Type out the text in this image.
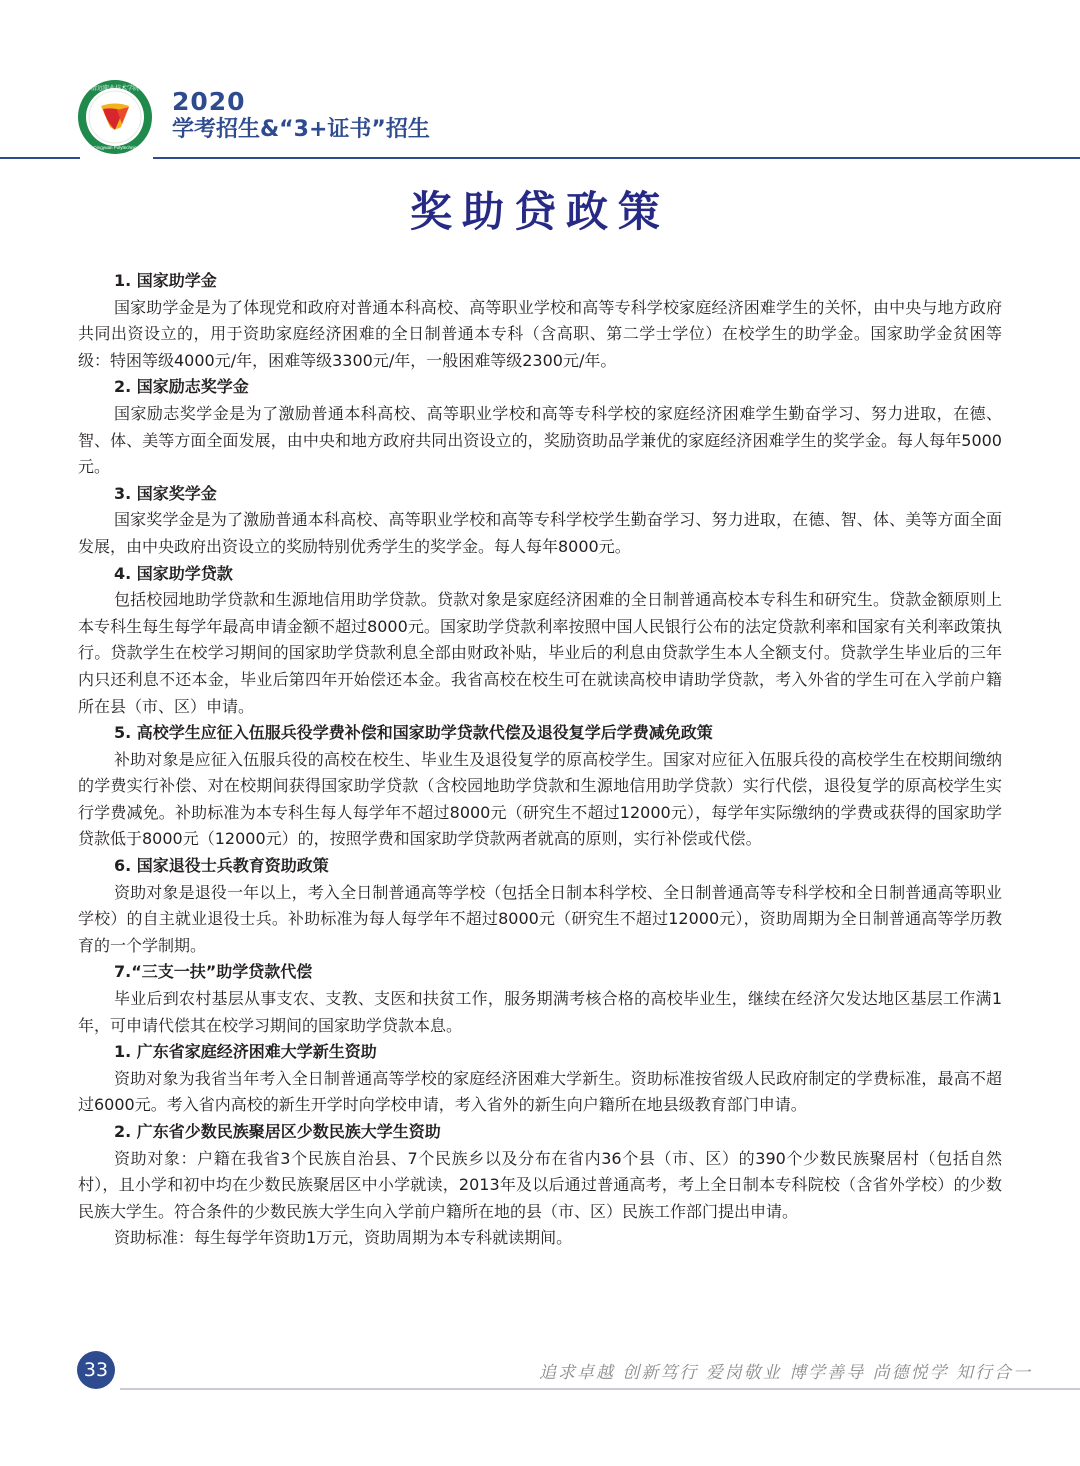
清远职业技术学院
Qingyuan Polytechnic
2020
学考招生&“3+证书”招生
奖助贷政策

1. 国家助学金

国家助学金是为了体现党和政府对普通本科高校、高等职业学校和高等专科学校家庭经济困难学生的关怀，由中央与地方政府共同出资设立的，用于资助家庭经济困难的全日制普通本专科（含高职、第二学士学位）在校学生的助学金。国家助学金贫困等级：特困等级4000元/年，困难等级3300元/年，一般困难等级2300元/年。

2. 国家励志奖学金

国家励志奖学金是为了激励普通本科高校、高等职业学校和高等专科学校的家庭经济困难学生勤奋学习、努力进取，在德、智、体、美等方面全面发展，由中央和地方政府共同出资设立的，奖励资助品学兼优的家庭经济困难学生的奖学金。每人每年5000元。

3. 国家奖学金

国家奖学金是为了激励普通本科高校、高等职业学校和高等专科学校学生勤奋学习、努力进取，在德、智、体、美等方面全面发展，由中央政府出资设立的奖励特别优秀学生的奖学金。每人每年8000元。

4. 国家助学贷款

包括校园地助学贷款和生源地信用助学贷款。贷款对象是家庭经济困难的全日制普通高校本专科生和研究生。贷款金额原则上本专科生每生每学年最高申请金额不超过8000元。国家助学贷款利率按照中国人民银行公布的法定贷款利率和国家有关利率政策执行。贷款学生在校学习期间的国家助学贷款利息全部由财政补贴，毕业后的利息由贷款学生本人全额支付。贷款学生毕业后的三年内只还利息不还本金，毕业后第四年开始偿还本金。我省高校在校生可在就读高校申请助学贷款，考入外省的学生可在入学前户籍所在县（市、区）申请。

5. 高校学生应征入伍服兵役学费补偿和国家助学贷款代偿及退役复学后学费减免政策

补助对象是应征入伍服兵役的高校在校生、毕业生及退役复学的原高校学生。国家对应征入伍服兵役的高校学生在校期间缴纳的学费实行补偿、对在校期间获得国家助学贷款（含校园地助学贷款和生源地信用助学贷款）实行代偿，退役复学的原高校学生实行学费减免。补助标准为本专科生每人每学年不超过8000元（研究生不超过12000元），每学年实际缴纳的学费或获得的国家助学贷款低于8000元（12000元）的，按照学费和国家助学贷款两者就高的原则，实行补偿或代偿。

6. 国家退役士兵教育资助政策

资助对象是退役一年以上，考入全日制普通高等学校（包括全日制本科学校、全日制普通高等专科学校和全日制普通高等职业学校）的自主就业退役士兵。补助标准为每人每学年不超过8000元（研究生不超过12000元），资助周期为全日制普通高等学历教育的一个学制期。

7.“三支一扶”助学贷款代偿

毕业后到农村基层从事支农、支教、支医和扶贫工作，服务期满考核合格的高校毕业生，继续在经济欠发达地区基层工作满1年，可申请代偿其在校学习期间的国家助学贷款本息。

1. 广东省家庭经济困难大学新生资助

资助对象为我省当年考入全日制普通高等学校的家庭经济困难大学新生。资助标准按省级人民政府制定的学费标准，最高不超过6000元。考入省内高校的新生开学时向学校申请，考入省外的新生向户籍所在地县级教育部门申请。

2. 广东省少数民族聚居区少数民族大学生资助

资助对象：户籍在我省3个民族自治县、7个民族乡以及分布在省内36个县（市、区）的390个少数民族聚居村（包括自然村），且小学和初中均在少数民族聚居区中小学就读，2013年及以后通过普通高考，考上全日制本专科院校（含省外学校）的少数民族大学生。符合条件的少数民族大学生向入学前户籍所在地的县（市、区）民族工作部门提出申请。

资助标准：每生每学年资助1万元，资助周期为本专科就读期间。

33	追求卓越 创新笃行 爱岗敬业 博学善导 尚德悦学 知行合一
